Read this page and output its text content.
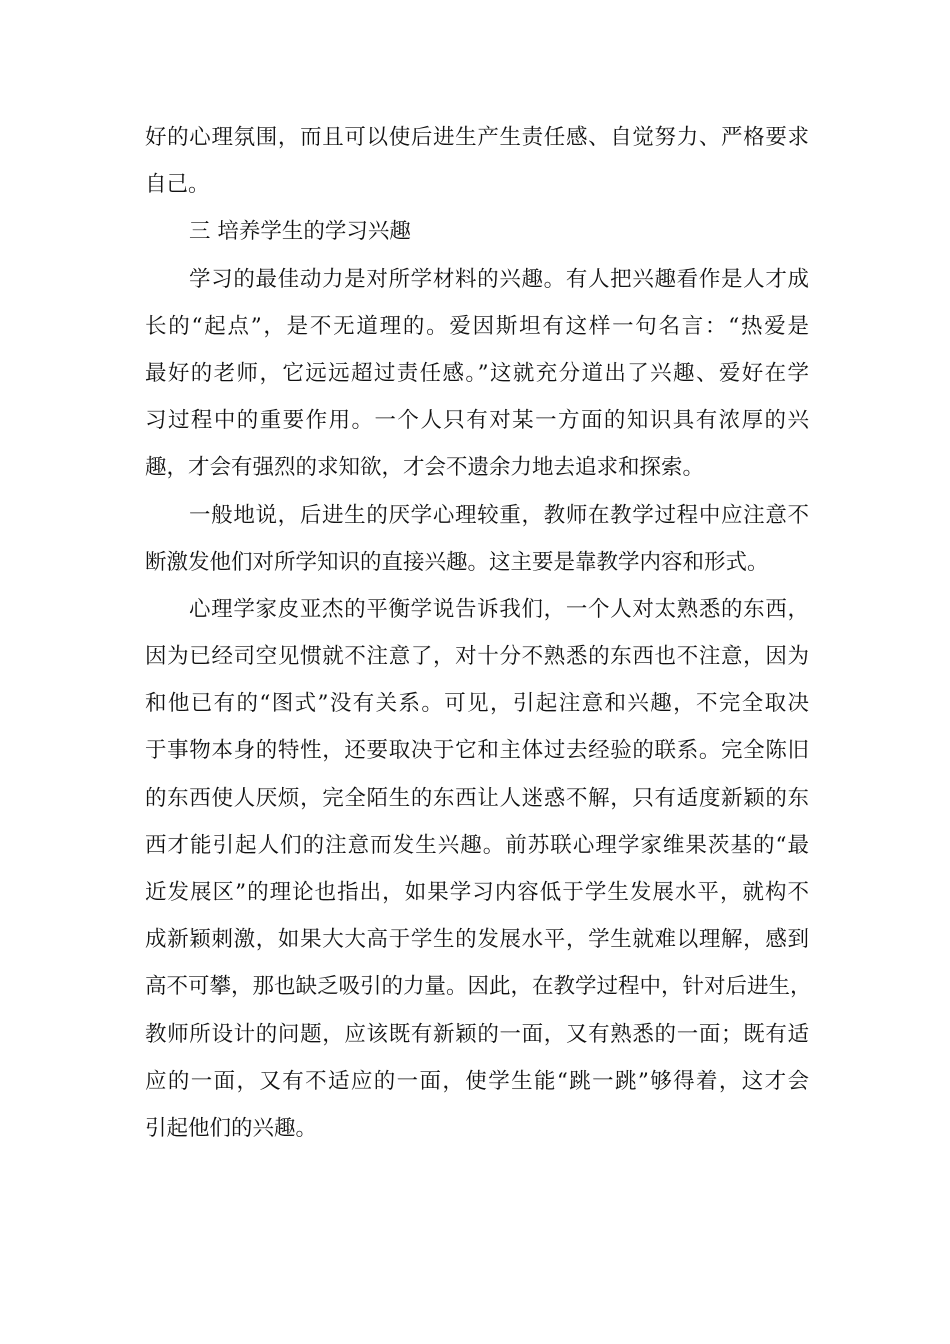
好的心理氛围，而且可以使后进生产生责任感、自觉努力、严格要求
自己。
三 培养学生的学习兴趣
学习的最佳动力是对所学材料的兴趣。有人把兴趣看作是人才成
长的“起点”，是不无道理的。爱因斯坦有这样一句名言：“热爱是
最好的老师，它远远超过责任感。”这就充分道出了兴趣、爱好在学
习过程中的重要作用。一个人只有对某一方面的知识具有浓厚的兴
趣，才会有强烈的求知欲，才会不遗余力地去追求和探索。
一般地说，后进生的厌学心理较重，教师在教学过程中应注意不
断激发他们对所学知识的直接兴趣。这主要是靠教学内容和形式。
心理学家皮亚杰的平衡学说告诉我们，一个人对太熟悉的东西，
因为已经司空见惯就不注意了，对十分不熟悉的东西也不注意，因为
和他已有的“图式”没有关系。可见，引起注意和兴趣，不完全取决
于事物本身的特性，还要取决于它和主体过去经验的联系。完全陈旧
的东西使人厌烦，完全陌生的东西让人迷惑不解，只有适度新颖的东
西才能引起人们的注意而发生兴趣。前苏联心理学家维果茨基的“最
近发展区”的理论也指出，如果学习内容低于学生发展水平，就构不
成新颖刺激，如果大大高于学生的发展水平，学生就难以理解，感到
高不可攀，那也缺乏吸引的力量。因此，在教学过程中，针对后进生，
教师所设计的问题，应该既有新颖的一面，又有熟悉的一面；既有适
应的一面，又有不适应的一面，使学生能“跳一跳”够得着，这才会
引起他们的兴趣。
